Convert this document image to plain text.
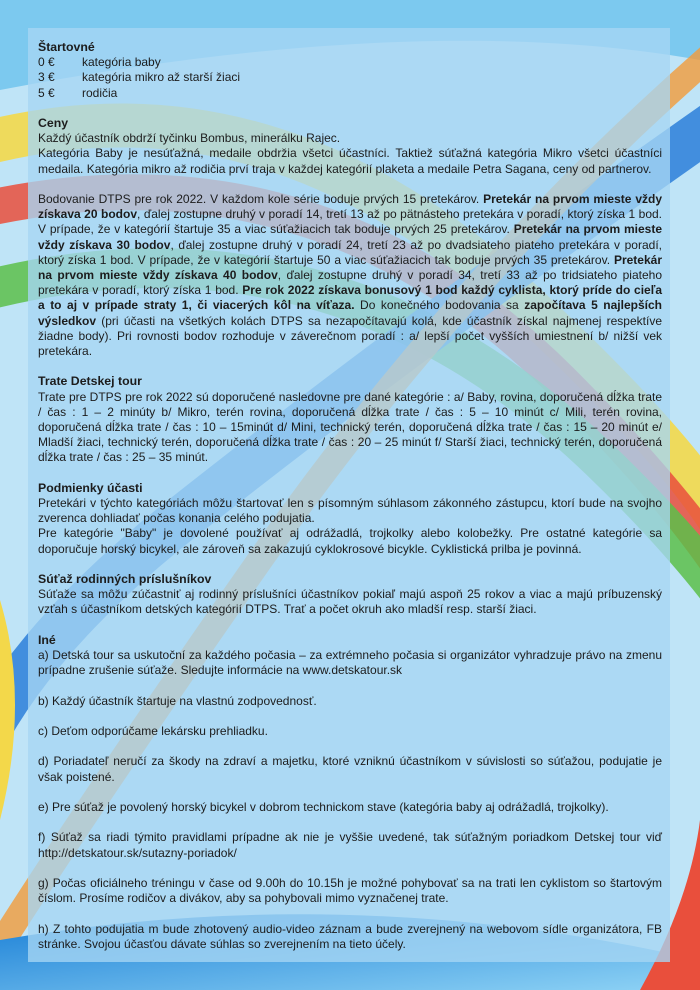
Štartovné
0 €	kategória baby
3 €	kategória mikro až starší žiaci
5 €	rodičia
Ceny

Každý účastník obdrží tyčinku Bombus, minerálku Rajec.

Kategória Baby je nesúťažná, medaile obdržia všetci účastníci. Taktiež súťažná kategória Mikro všetci účastníci medaila. Kategória mikro až rodičia prví traja v každej kategórií plaketa a medaile Petra Sagana, ceny od partnerov.

Bodovanie DTPS pre rok 2022. V každom kole série boduje prvých 15 pretekárov. Pretekár na prvom mieste vždy získava 20 bodov, ďalej zostupne druhý v poradí 14, tretí 13 až po pätnásteho pretekára v poradí, ktorý získa 1 bod. V prípade, že v kategórií štartuje 35 a viac súťažiacich tak boduje prvých 25 pretekárov. Pretekár na prvom mieste vždy získava 30 bodov, ďalej zostupne druhý v poradí 24, tretí 23 až po dvadsiateho piateho pretekára v poradí, ktorý získa 1 bod. V prípade, že v kategórií štartuje 50 a viac súťažiacich tak boduje prvých 35 pretekárov. Pretekár na prvom mieste vždy získava 40 bodov, ďalej zostupne druhý v poradí 34, tretí 33 až po tridsiateho piateho pretekára v poradí, ktorý získa 1 bod. Pre rok 2022 získava bonusový 1 bod každý cyklista, ktorý príde do cieľa a to aj v prípade straty 1, či viacerých kôl na víťaza. Do konečného bodovania sa započítava 5 najlepších výsledkov (pri účasti na všetkých kolách DTPS sa nezapočítavajú kolá, kde účastník získal najmenej respektíve žiadne body). Pri rovnosti bodov rozhoduje v záverečnom poradí : a/ lepší počet vyšších umiestnení b/ nižší vek pretekára.

Trate Detskej tour

Trate pre DTPS pre rok 2022 sú doporučené nasledovne pre dané kategórie : a/ Baby, rovina, doporučená dĺžka trate / čas : 1 – 2 minúty b/ Mikro, terén rovina, doporučená dĺžka trate / čas : 5 – 10 minút c/ Mili, terén rovina, doporučená dĺžka trate / čas : 10 – 15minút d/ Mini, technický terén, doporučená dĺžka trate / čas : 15 – 20 minút e/ Mladší žiaci, technický terén, doporučená dĺžka trate / čas : 20 – 25 minút f/ Starší žiaci, technický terén, doporučená dĺžka trate / čas : 25 – 35 minút.

Podmienky účasti

Pretekári v týchto kategóriách môžu štartovať len s písomným súhlasom zákonného zástupcu, ktorí bude na svojho zverenca dohliadať počas konania celého podujatia.

Pre kategórie "Baby" je dovolené používať aj odrážadlá, trojkolky alebo kolobežky. Pre ostatné kategórie sa doporučuje horský bicykel, ale zároveň sa zakazujú cyklokrosové bicykle. Cyklistická prilba je povinná.

Súťaž rodinných príslušníkov

Súťaže sa môžu zúčastniť aj rodinný príslušníci účastníkov pokiaľ majú aspoň 25 rokov a viac a majú príbuzenský vzťah s účastníkom detských kategórií DTPS. Trať a počet okruh ako mladší resp. starší žiaci.

Iné

a) Detská tour sa uskutoční za každého počasia – za extrémneho počasia si organizátor vyhradzuje právo na zmenu prípadne zrušenie súťaže. Sledujte informácie na www.detskatour.sk

b) Každý účastník štartuje na vlastnú zodpovednosť.

c) Deťom odporúčame lekársku prehliadku.

d) Poriadateľ neručí za škody na zdraví a majetku, ktoré vzniknú účastníkom v súvislosti so súťažou, podujatie je však poistené.

e) Pre súťaž je povolený horský bicykel v dobrom technickom stave (kategória baby aj odrážadlá, trojkolky).

f) Súťaž sa riadi týmito pravidlami prípadne ak nie je vyššie uvedené, tak súťažným poriadkom Detskej tour viď http://detskatour.sk/sutazny-poriadok/

g) Počas oficiálneho tréningu v čase od 9.00h do 10.15h je možné pohybovať sa na trati len cyklistom so štartovým číslom. Prosíme rodičov a divákov, aby sa pohybovali mimo vyznačenej trate.

h) Z tohto podujatia m bude zhotovený audio-video záznam a bude zverejnený na webovom sídle organizátora, FB stránke. Svojou účasťou dávate súhlas so zverejnením na tieto účely.
